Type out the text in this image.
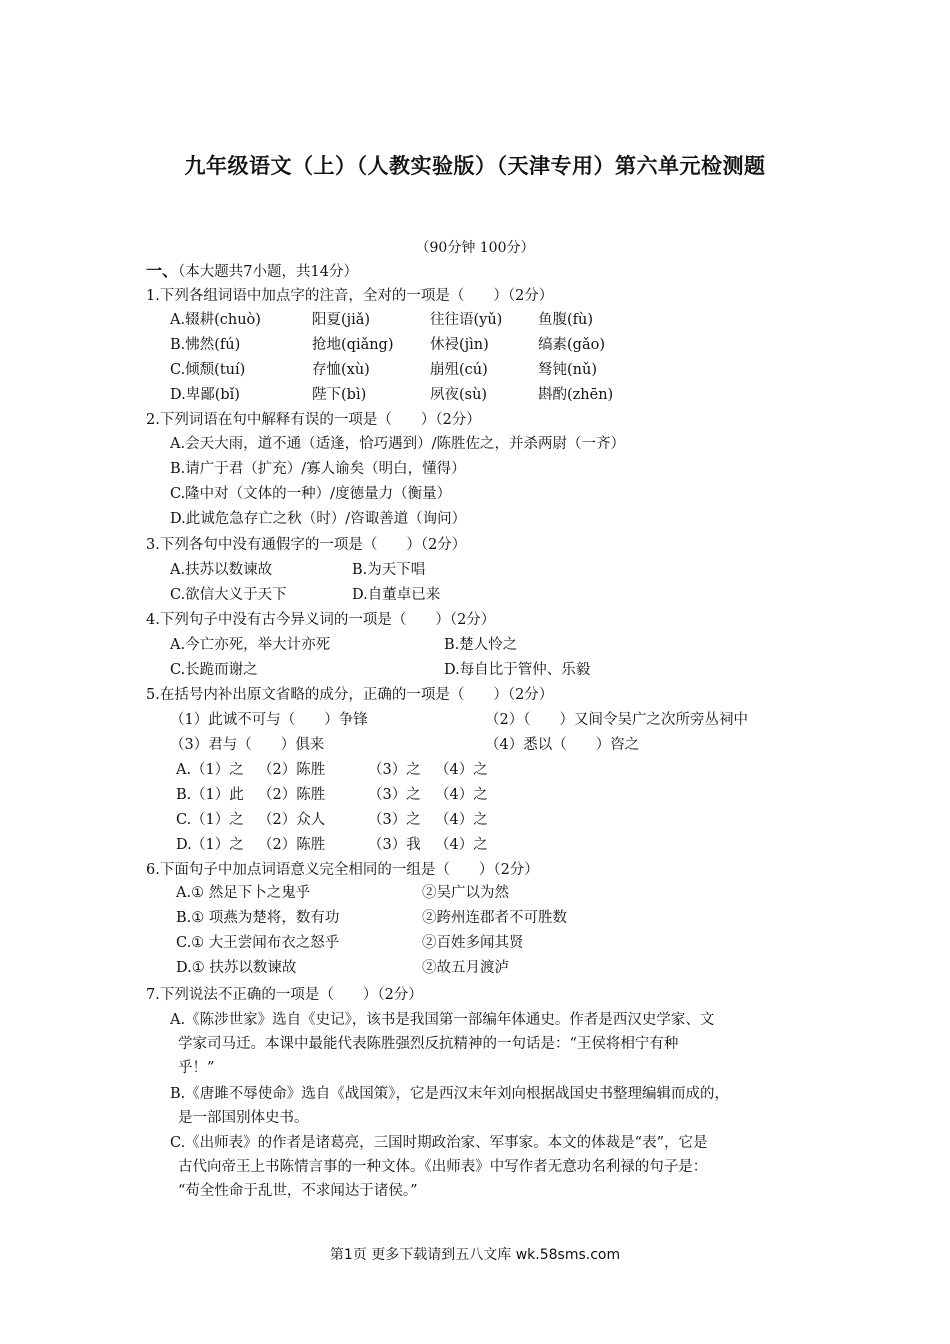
九年级语文（上）（人教实验版）（天津专用）第六单元检测题
（90分钟 100分）
一、（本大题共7小题，共14分）
1.下列各组词语中加点字的注音，全对的一项是（　　）（2分）
A.辍耕(chuò)	阳夏(jiǎ)	往往语(yǔ) 鱼腹(fù)
B.怫然(fú)	抢地(qiǎng)	休祲(jìn)	缟素(gǎo)
C.倾颓(tuí)	存恤(xù)	崩殂(cú)	驽钝(nǔ)
D.卑鄙(bǐ)	陛下(bì)	夙夜(sù)	斟酌(zhēn)
2.下列词语在句中解释有误的一项是（　　）（2分）
A.会天大雨，道不通（适逢，恰巧遇到）/陈胜佐之，并杀两尉（一齐）
B.请广于君（扩充）/寡人谕矣（明白，懂得）
C.隆中对（文体的一种）/度德量力（衡量）
D.此诚危急存亡之秋（时）/咨诹善道（询问）
3.下列各句中没有通假字的一项是（　　）（2分）
A.扶苏以数谏故	B.为天下唱
C.欲信大义于天下	D.自董卓已来
4.下列句子中没有古今异义词的一项是（　　）（2分）
A.今亡亦死，举大计亦死	B.楚人怜之
C.长跪而谢之	D.每自比于管仲、乐毅
5.在括号内补出原文省略的成分，正确的一项是（　　）（2分）
（1）此诚不可与（　　）争锋	（2）（　　）又间令吴广之次所旁丛祠中
（3）君与（　　）俱来	（4）悉以（　　）咨之
A. （1）之 （2）陈胜	（3）之 （4）之
B. （1）此 （2）陈胜	（3）之 （4）之
C. （1）之 （2）众人	（3）之 （4）之
D. （1）之 （2）陈胜	（3）我 （4）之
6.下面句子中加点词语意义完全相同的一组是（　　）（2分）
A.① 然足下卜之鬼乎	②吴广以为然
B.① 项燕为楚将，数有功	②跨州连郡者不可胜数
C.① 大王尝闻布衣之怒乎	②百姓多闻其贤
D.① 扶苏以数谏故	②故五月渡泸
7.下列说法不正确的一项是（　　）（2分）
A.《陈涉世家》选自《史记》，该书是我国第一部编年体通史。作者是西汉史学家、文
学家司马迁。本课中最能代表陈胜强烈反抗精神的一句话是：“王侯将相宁有种
乎！”
B.《唐雎不辱使命》选自《战国策》，它是西汉末年刘向根据战国史书整理编辑而成的，
是一部国别体史书。
C.《出师表》的作者是诸葛亮，三国时期政治家、军事家。本文的体裁是“表”，它是
古代向帝王上书陈情言事的一种文体。《出师表》中写作者无意功名利禄的句子是：
“苟全性命于乱世，不求闻达于诸侯。”
第1页 更多下载请到五八文库 wk.58sms.com
